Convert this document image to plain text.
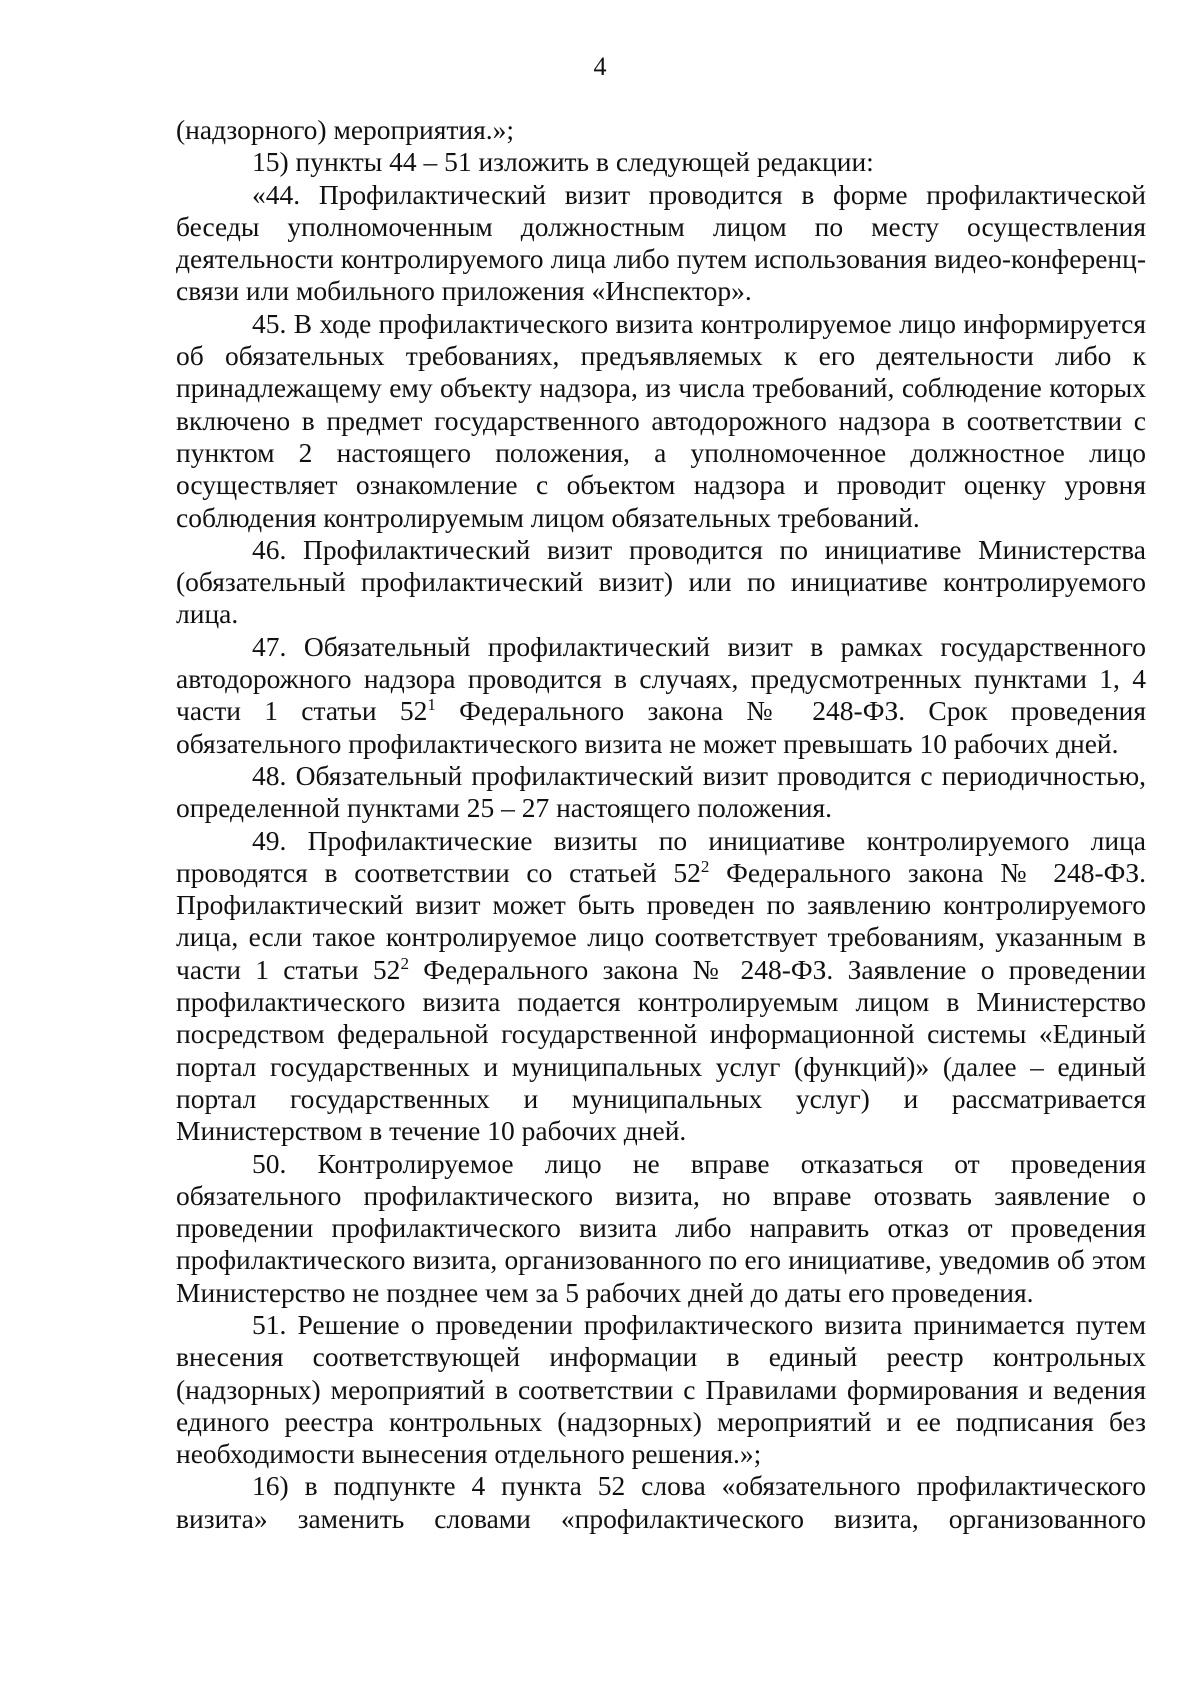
4

(надзорного) мероприятия.»;

15) пункты 44 – 51 изложить в следующей редакции:

«44. Профилактический визит проводится в форме профилактической беседы уполномоченным должностным лицом по месту осуществления деятельности контролируемого лица либо путем использования видео-конференц-связи или мобильного приложения «Инспектор».

45. В ходе профилактического визита контролируемое лицо информируется об обязательных требованиях, предъявляемых к его деятельности либо к принадлежащему ему объекту надзора, из числа требований, соблюдение которых включено в предмет государственного автодорожного надзора в соответствии с пунктом 2 настоящего положения, а уполномоченное должностное лицо осуществляет ознакомление с объектом надзора и проводит оценку уровня соблюдения контролируемым лицом обязательных требований.

46. Профилактический визит проводится по инициативе Министерства (обязательный профилактический визит) или по инициативе контролируемого лица.

47. Обязательный профилактический визит в рамках государственного автодорожного надзора проводится в случаях, предусмотренных пунктами 1, 4 части 1 статьи $52^1$ Федерального закона № 248-ФЗ. Срок проведения обязательного профилактического визита не может превышать 10 рабочих дней.

48. Обязательный профилактический визит проводится с периодичностью, определенной пунктами 25 – 27 настоящего положения.

49. Профилактические визиты по инициативе контролируемого лица проводятся в соответствии со статьей $52^2$ Федерального закона № 248-ФЗ. Профилактический визит может быть проведен по заявлению контролируемого лица, если такое контролируемое лицо соответствует требованиям, указанным в части 1 статьи $52^2$ Федерального закона № 248-ФЗ. Заявление о проведении профилактического визита подается контролируемым лицом в Министерство посредством федеральной государственной информационной системы «Единый портал государственных и муниципальных услуг (функций)» (далее – единый портал государственных и муниципальных услуг) и рассматривается Министерством в течение 10 рабочих дней.

50. Контролируемое лицо не вправе отказаться от проведения обязательного профилактического визита, но вправе отозвать заявление о проведении профилактического визита либо направить отказ от проведения профилактического визита, организованного по его инициативе, уведомив об этом Министерство не позднее чем за 5 рабочих дней до даты его проведения.

51. Решение о проведении профилактического визита принимается путем внесения соответствующей информации в единый реестр контрольных (надзорных) мероприятий в соответствии с Правилами формирования и ведения единого реестра контрольных (надзорных) мероприятий и ее подписания без необходимости вынесения отдельного решения.»;

16) в подпункте 4 пункта 52 слова «обязательного профилактического визита» заменить словами «профилактического визита, организованного
